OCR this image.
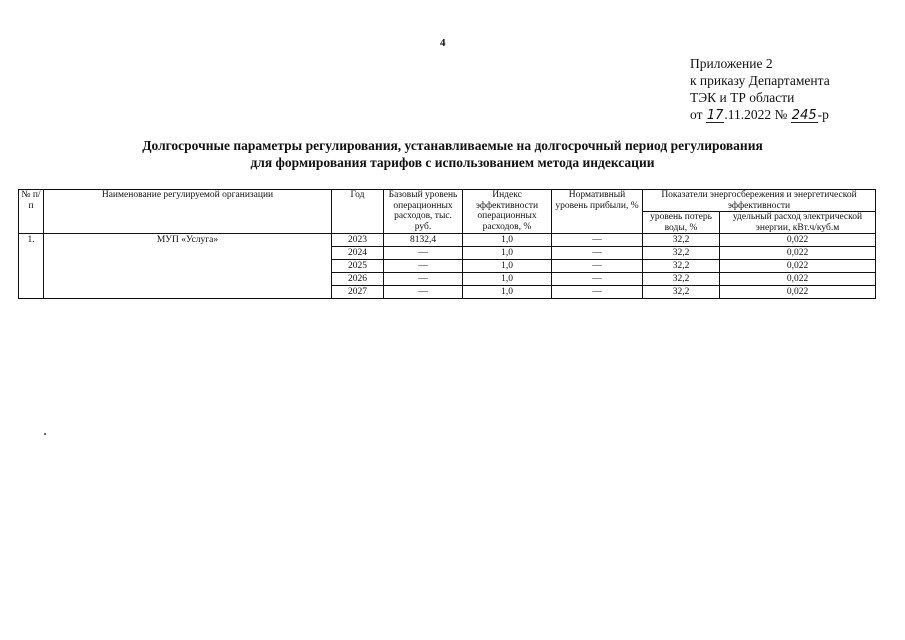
4
Приложение 2
к приказу Департамента
ТЭК и ТР области
от 17.11.2022 № 245-р
Долгосрочные параметры регулирования, устанавливаемые на долгосрочный период регулирования
для формирования тарифов с использованием метода индексации
№ п/п	Наименование регулируемой организации	Год	Базовый уровень операционных расходов, тыс. руб.	Индекс эффективности операционных расходов, %	Нормативный уровень прибыли, %	Показатели энергосбережения и энергетической эффективности	
						уровень потерь воды, %	удельный расход электрической энергии, кВт.ч/куб.м
1.	МУП «Услуга»	2023	8132,4	1,0	—	32,2	0,022
		2024	—	1,0	—	32,2	0,022
		2025	—	1,0	—	32,2	0,022
		2026	—	1,0	—	32,2	0,022
		2027	—	1,0	—	32,2	0,022
